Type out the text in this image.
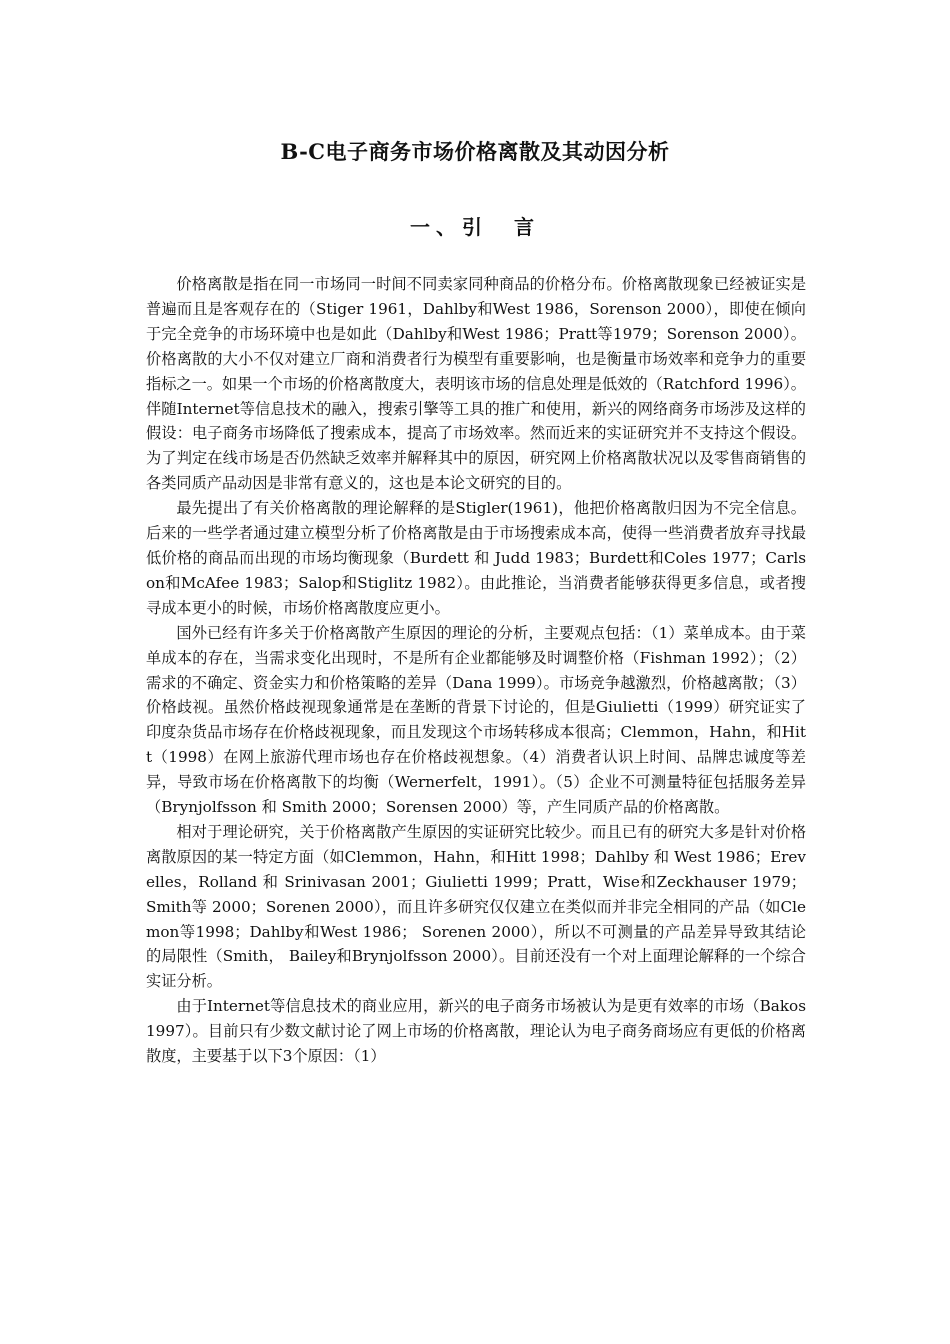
B-C电子商务市场价格离散及其动因分析
一、引　言

价格离散是指在同一市场同一时间不同卖家同种商品的价格分布。价格离散现象已经被证实是普遍而且是客观存在的（Stiger 1961，Dahlby和West 1986，Sorenson 2000），即使在倾向于完全竞争的市场环境中也是如此（Dahlby和West 1986；Pratt等1979；Sorenson 2000）。价格离散的大小不仅对建立厂商和消费者行为模型有重要影响，也是衡量市场效率和竞争力的重要指标之一。如果一个市场的价格离散度大，表明该市场的信息处理是低效的（Ratchford 1996）。伴随Internet等信息技术的融入，搜索引擎等工具的推广和使用，新兴的网络商务市场涉及这样的假设：电子商务市场降低了搜索成本，提高了市场效率。然而近来的实证研究并不支持这个假设。为了判定在线市场是否仍然缺乏效率并解释其中的原因，研究网上价格离散状况以及零售商销售的各类同质产品动因是非常有意义的，这也是本论文研究的目的。

最先提出了有关价格离散的理论解释的是Stigler(1961)，他把价格离散归因为不完全信息。后来的一些学者通过建立模型分析了价格离散是由于市场搜索成本高，使得一些消费者放弃寻找最低价格的商品而出现的市场均衡现象（Burdett 和 Judd 1983；Burdett和Coles 1977；Carlson和McAfee 1983；Salop和Stiglitz 1982）。由此推论，当消费者能够获得更多信息，或者搜寻成本更小的时候，市场价格离散度应更小。

国外已经有许多关于价格离散产生原因的理论的分析，主要观点包括：（1）菜单成本。由于菜单成本的存在，当需求变化出现时，不是所有企业都能够及时调整价格（Fishman 1992）；（2）需求的不确定、资金实力和价格策略的差异（Dana 1999）。市场竞争越激烈，价格越离散；（3）价格歧视。虽然价格歧视现象通常是在垄断的背景下讨论的，但是Giulietti（1999）研究证实了印度杂货品市场存在价格歧视现象，而且发现这个市场转移成本很高；Clemmon，Hahn，和Hitt（1998）在网上旅游代理市场也存在价格歧视想象。（4）消费者认识上时间、品牌忠诚度等差异，导致市场在价格离散下的均衡（Wernerfelt，1991）。（5）企业不可测量特征包括服务差异（Brynjolfsson 和 Smith 2000；Sorensen 2000）等，产生同质产品的价格离散。

相对于理论研究，关于价格离散产生原因的实证研究比较少。而且已有的研究大多是针对价格离散原因的某一特定方面（如Clemmon，Hahn，和Hitt 1998；Dahlby 和 West 1986；Erevelles，Rolland 和 Srinivasan 2001；Giulietti 1999；Pratt，Wise和Zeckhauser 1979；Smith等 2000；Sorenen 2000），而且许多研究仅仅建立在类似而并非完全相同的产品（如Clemon等1998；Dahlby和West 1986； Sorenen 2000），所以不可测量的产品差异导致其结论的局限性（Smith， Bailey和Brynjolfsson 2000）。目前还没有一个对上面理论解释的一个综合实证分析。

由于Internet等信息技术的商业应用，新兴的电子商务市场被认为是更有效率的市场（Bakos 1997）。目前只有少数文献讨论了网上市场的价格离散，理论认为电子商务商场应有更低的价格离散度，主要基于以下3个原因：（1）
